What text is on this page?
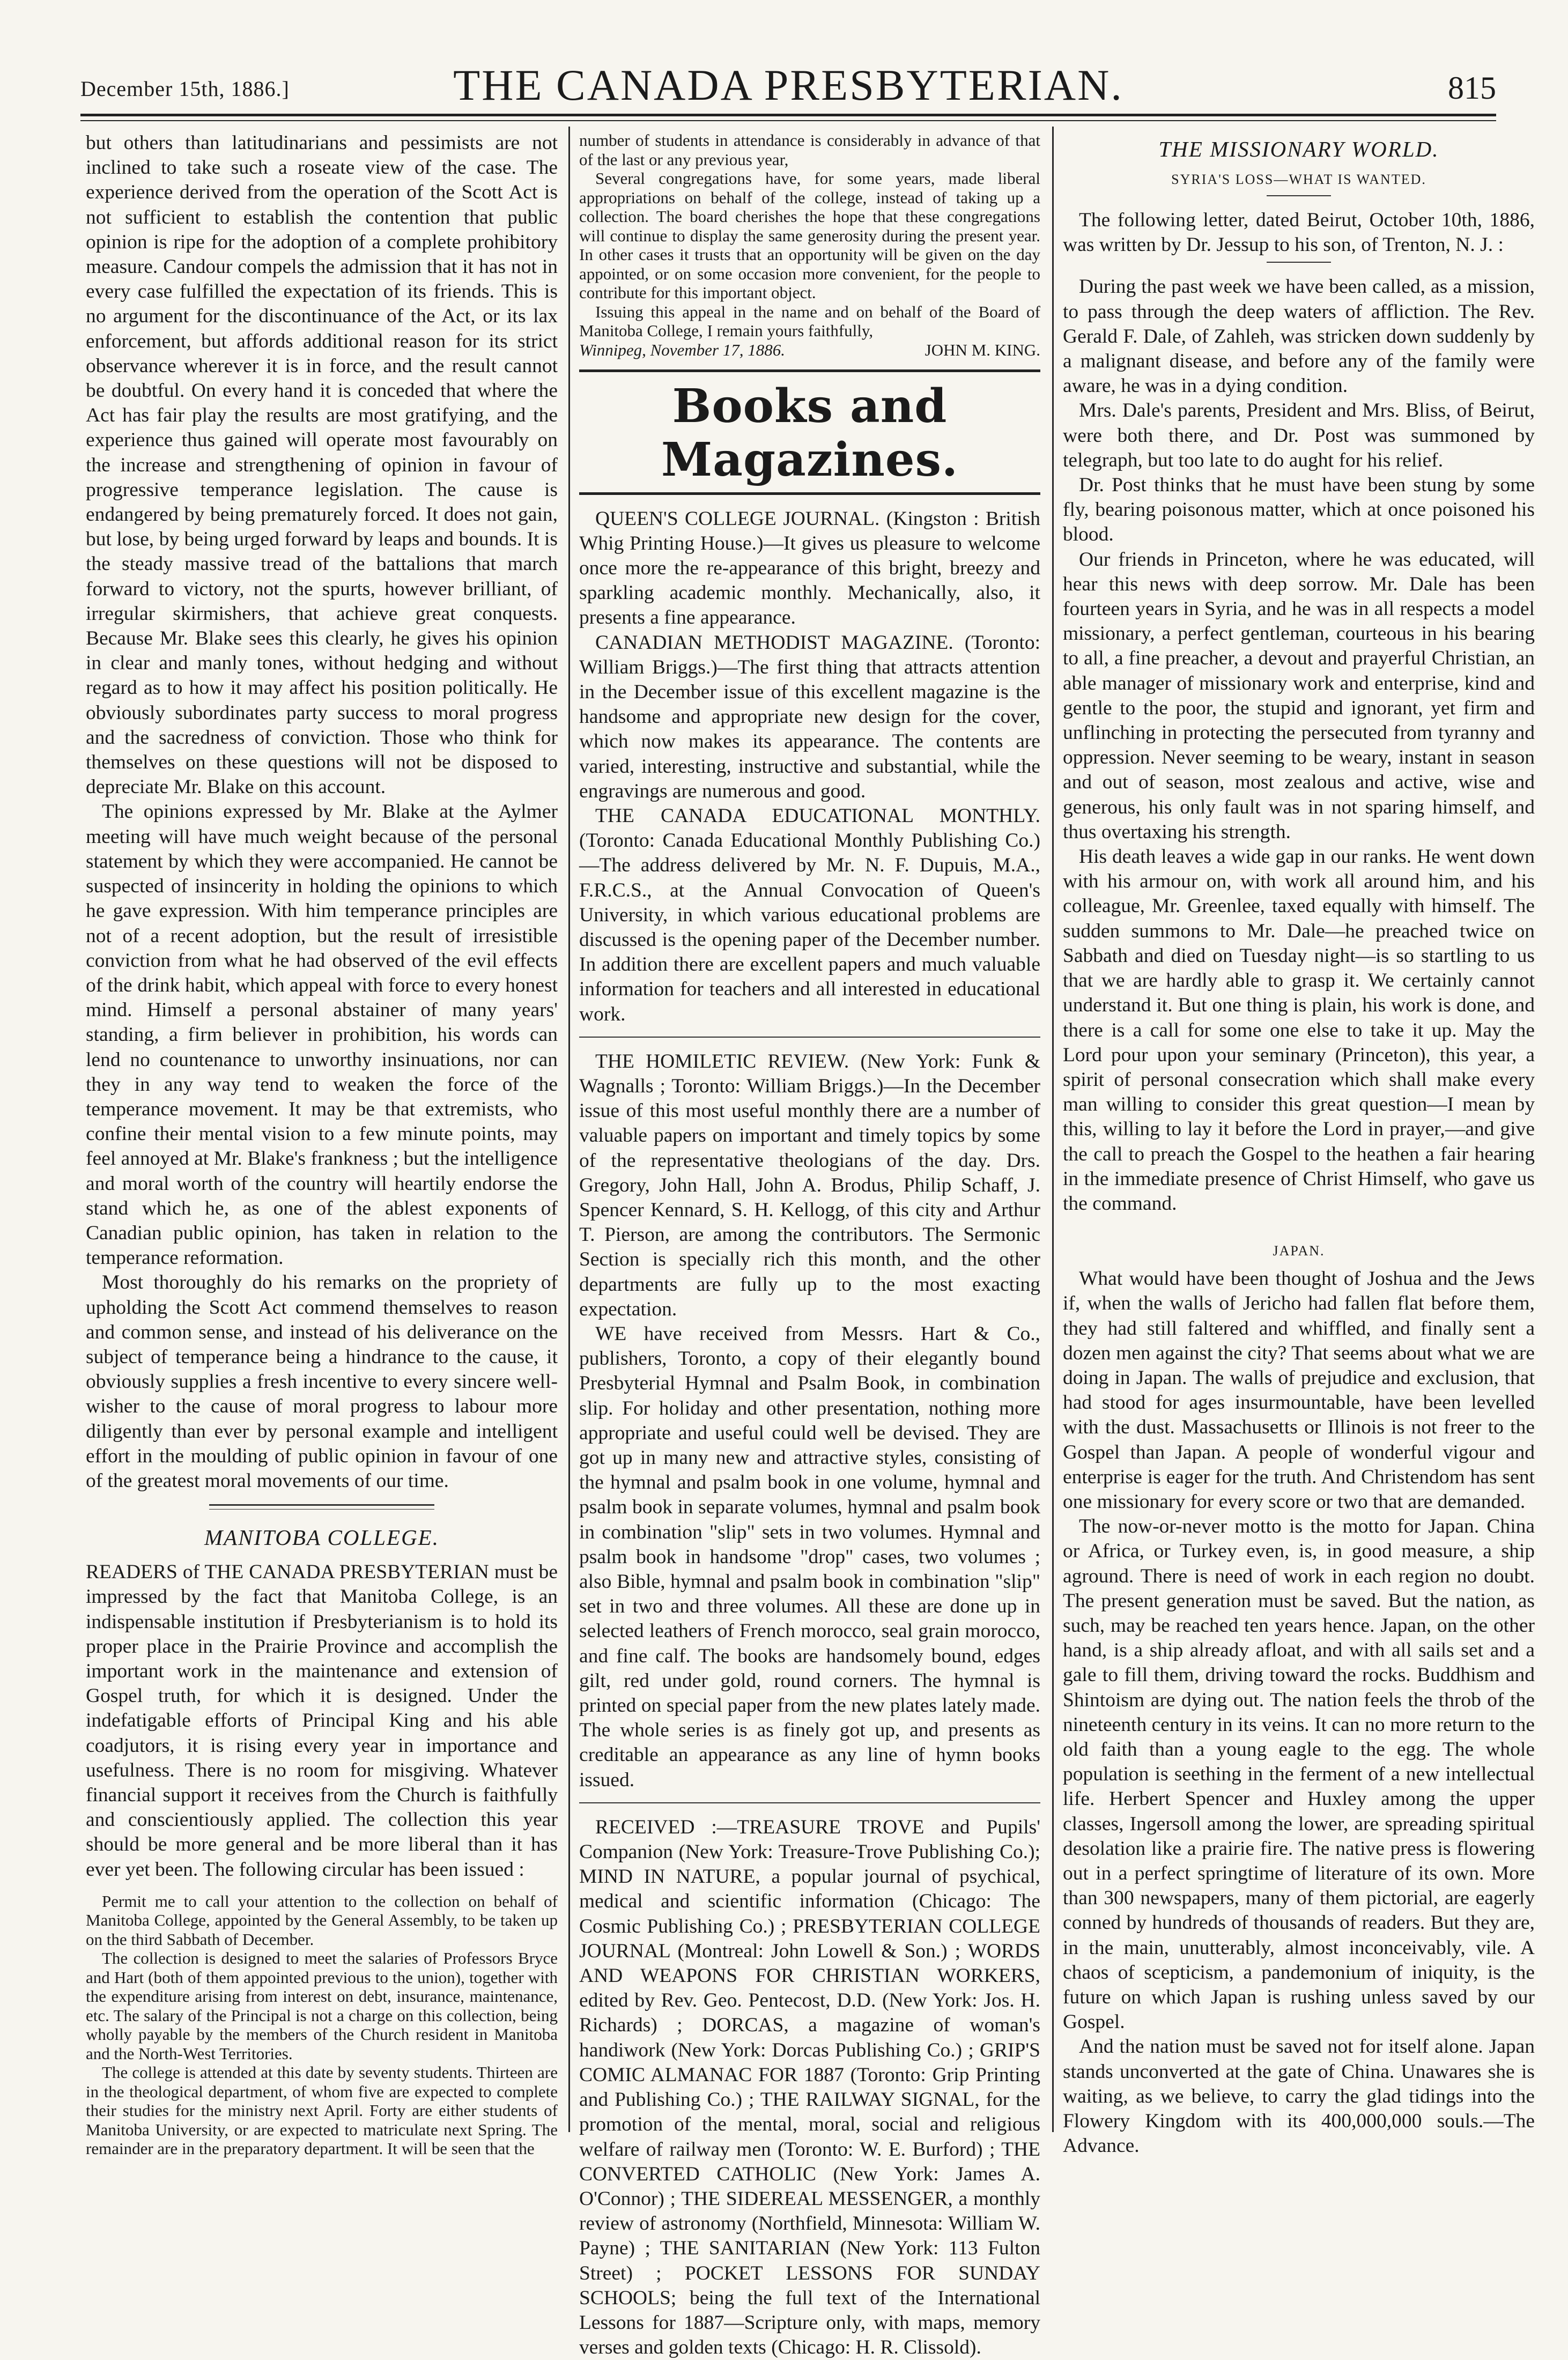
December 15th, 1886.]	THE CANADA PRESBYTERIAN.	815

but others than latitudinarians and pessimists are not inclined to take such a roseate view of the case. The experience derived from the operation of the Scott Act is not sufficient to establish the contention that public opinion is ripe for the adoption of a complete prohibitory measure. Candour compels the admission that it has not in every case fulfilled the expectation of its friends. This is no argument for the discontinuance of the Act, or its lax enforcement, but affords additional reason for its strict observance wherever it is in force, and the result cannot be doubtful. On every hand it is conceded that where the Act has fair play the results are most gratifying, and the experience thus gained will operate most favourably on the increase and strengthening of opinion in favour of progressive temperance legislation. The cause is endangered by being prematurely forced. It does not gain, but lose, by being urged forward by leaps and bounds. It is the steady massive tread of the battalions that march forward to victory, not the spurts, however brilliant, of irregular skirmishers, that achieve great conquests. Because Mr. Blake sees this clearly, he gives his opinion in clear and manly tones, without hedging and without regard as to how it may affect his position politically. He obviously subordinates party success to moral progress and the sacredness of conviction. Those who think for themselves on these questions will not be disposed to depreciate Mr. Blake on this account.

The opinions expressed by Mr. Blake at the Aylmer meeting will have much weight because of the personal statement by which they were accompanied. He cannot be suspected of insincerity in holding the opinions to which he gave expression. With him temperance principles are not of a recent adoption, but the result of irresistible conviction from what he had observed of the evil effects of the drink habit, which appeal with force to every honest mind. Himself a personal abstainer of many years' standing, a firm believer in prohibition, his words can lend no countenance to unworthy insinuations, nor can they in any way tend to weaken the force of the temperance movement. It may be that extremists, who confine their mental vision to a few minute points, may feel annoyed at Mr. Blake's frankness ; but the intelligence and moral worth of the country will heartily endorse the stand which he, as one of the ablest exponents of Canadian public opinion, has taken in relation to the temperance reformation.

Most thoroughly do his remarks on the propriety of upholding the Scott Act commend themselves to reason and common sense, and instead of his deliverance on the subject of temperance being a hindrance to the cause, it obviously supplies a fresh incentive to every sincere well-wisher to the cause of moral progress to labour more diligently than ever by personal example and intelligent effort in the moulding of public opinion in favour of one of the greatest moral movements of our time.

MANITOBA COLLEGE.

READERS of THE CANADA PRESBYTERIAN must be impressed by the fact that Manitoba College, is an indispensable institution if Presbyterianism is to hold its proper place in the Prairie Province and accomplish the important work in the maintenance and extension of Gospel truth, for which it is designed. Under the indefatigable efforts of Principal King and his able coadjutors, it is rising every year in importance and usefulness. There is no room for misgiving. Whatever financial support it receives from the Church is faithfully and conscientiously applied. The collection this year should be more general and be more liberal than it has ever yet been. The following circular has been issued :

Permit me to call your attention to the collection on behalf of Manitoba College, appointed by the General Assembly, to be taken up on the third Sabbath of December.

The collection is designed to meet the salaries of Professors Bryce and Hart (both of them appointed previous to the union), together with the expenditure arising from interest on debt, insurance, maintenance, etc. The salary of the Principal is not a charge on this collection, being wholly payable by the members of the Church resident in Manitoba and the North-West Territories.

The college is attended at this date by seventy students. Thirteen are in the theological department, of whom five are expected to complete their studies for the ministry next April. Forty are either students of Manitoba University, or are expected to matriculate next Spring. The remainder are in the preparatory department. It will be seen that the

number of students in attendance is considerably in advance of that of the last or any previous year,

Several congregations have, for some years, made liberal appropriations on behalf of the college, instead of taking up a collection. The board cherishes the hope that these congregations will continue to display the same generosity during the present year. In other cases it trusts that an opportunity will be given on the day appointed, or on some occasion more convenient, for the people to contribute for this important object.

Issuing this appeal in the name and on behalf of the Board of Manitoba College, I remain yours faithfully,

Winnipeg, November 17, 1886.	JOHN M. KING.
Books and Magazines.

QUEEN'S COLLEGE JOURNAL. (Kingston : British Whig Printing House.)—It gives us pleasure to welcome once more the re-appearance of this bright, breezy and sparkling academic monthly. Mechanically, also, it presents a fine appearance.

CANADIAN METHODIST MAGAZINE. (Toronto: William Briggs.)—The first thing that attracts attention in the December issue of this excellent magazine is the handsome and appropriate new design for the cover, which now makes its appearance. The contents are varied, interesting, instructive and substantial, while the engravings are numerous and good.

THE CANADA EDUCATIONAL MONTHLY. (Toronto: Canada Educational Monthly Publishing Co.)—The address delivered by Mr. N. F. Dupuis, M.A., F.R.C.S., at the Annual Convocation of Queen's University, in which various educational problems are discussed is the opening paper of the December number. In addition there are excellent papers and much valuable information for teachers and all interested in educational work.

THE HOMILETIC REVIEW. (New York: Funk & Wagnalls ; Toronto: William Briggs.)—In the December issue of this most useful monthly there are a number of valuable papers on important and timely topics by some of the representative theologians of the day. Drs. Gregory, John Hall, John A. Brodus, Philip Schaff, J. Spencer Kennard, S. H. Kellogg, of this city and Arthur T. Pierson, are among the contributors. The Sermonic Section is specially rich this month, and the other departments are fully up to the most exacting expectation.

WE have received from Messrs. Hart & Co., publishers, Toronto, a copy of their elegantly bound Presbyterial Hymnal and Psalm Book, in combination slip. For holiday and other presentation, nothing more appropriate and useful could well be devised. They are got up in many new and attractive styles, consisting of the hymnal and psalm book in one volume, hymnal and psalm book in separate volumes, hymnal and psalm book in combination "slip" sets in two volumes. Hymnal and psalm book in handsome "drop" cases, two volumes ; also Bible, hymnal and psalm book in combination "slip" set in two and three volumes. All these are done up in selected leathers of French morocco, seal grain morocco, and fine calf. The books are handsomely bound, edges gilt, red under gold, round corners. The hymnal is printed on special paper from the new plates lately made. The whole series is as finely got up, and presents as creditable an appearance as any line of hymn books issued.

RECEIVED :—TREASURE TROVE and Pupils' Companion (New York: Treasure-Trove Publishing Co.); MIND IN NATURE, a popular journal of psychical, medical and scientific information (Chicago: The Cosmic Publishing Co.) ; PRESBYTERIAN COLLEGE JOURNAL (Montreal: John Lowell & Son.) ; WORDS AND WEAPONS FOR CHRISTIAN WORKERS, edited by Rev. Geo. Pentecost, D.D. (New York: Jos. H. Richards) ; DORCAS, a magazine of woman's handiwork (New York: Dorcas Publishing Co.) ; GRIP'S COMIC ALMANAC FOR 1887 (Toronto: Grip Printing and Publishing Co.) ; THE RAILWAY SIGNAL, for the promotion of the mental, moral, social and religious welfare of railway men (Toronto: W. E. Burford) ; THE CONVERTED CATHOLIC (New York: James A. O'Connor) ; THE SIDEREAL MESSENGER, a monthly review of astronomy (Northfield, Minnesota: William W. Payne) ; THE SANITARIAN (New York: 113 Fulton Street) ; POCKET LESSONS FOR SUNDAY SCHOOLS; being the full text of the International Lessons for 1887—Scripture only, with maps, memory verses and golden texts (Chicago: H. R. Clissold).

THE MISSIONARY WORLD.
SYRIA'S LOSS—WHAT IS WANTED.

The following letter, dated Beirut, October 10th, 1886, was written by Dr. Jessup to his son, of Trenton, N. J. :

During the past week we have been called, as a mission, to pass through the deep waters of affliction. The Rev. Gerald F. Dale, of Zahleh, was stricken down suddenly by a malignant disease, and before any of the family were aware, he was in a dying condition.

Mrs. Dale's parents, President and Mrs. Bliss, of Beirut, were both there, and Dr. Post was summoned by telegraph, but too late to do aught for his relief.

Dr. Post thinks that he must have been stung by some fly, bearing poisonous matter, which at once poisoned his blood.

Our friends in Princeton, where he was educated, will hear this news with deep sorrow. Mr. Dale has been fourteen years in Syria, and he was in all respects a model missionary, a perfect gentleman, courteous in his bearing to all, a fine preacher, a devout and prayerful Christian, an able manager of missionary work and enterprise, kind and gentle to the poor, the stupid and ignorant, yet firm and unflinching in protecting the persecuted from tyranny and oppression. Never seeming to be weary, instant in season and out of season, most zealous and active, wise and generous, his only fault was in not sparing himself, and thus overtaxing his strength.

His death leaves a wide gap in our ranks. He went down with his armour on, with work all around him, and his colleague, Mr. Greenlee, taxed equally with himself. The sudden summons to Mr. Dale—he preached twice on Sabbath and died on Tuesday night—is so startling to us that we are hardly able to grasp it. We certainly cannot understand it. But one thing is plain, his work is done, and there is a call for some one else to take it up. May the Lord pour upon your seminary (Princeton), this year, a spirit of personal consecration which shall make every man willing to consider this great question—I mean by this, willing to lay it before the Lord in prayer,—and give the call to preach the Gospel to the heathen a fair hearing in the immediate presence of Christ Himself, who gave us the command.

JAPAN.

What would have been thought of Joshua and the Jews if, when the walls of Jericho had fallen flat before them, they had still faltered and whiffled, and finally sent a dozen men against the city? That seems about what we are doing in Japan. The walls of prejudice and exclusion, that had stood for ages insurmountable, have been levelled with the dust. Massachusetts or Illinois is not freer to the Gospel than Japan. A people of wonderful vigour and enterprise is eager for the truth. And Christendom has sent one missionary for every score or two that are demanded.

The now-or-never motto is the motto for Japan. China or Africa, or Turkey even, is, in good measure, a ship aground. There is need of work in each region no doubt. The present generation must be saved. But the nation, as such, may be reached ten years hence. Japan, on the other hand, is a ship already afloat, and with all sails set and a gale to fill them, driving toward the rocks. Buddhism and Shintoism are dying out. The nation feels the throb of the nineteenth century in its veins. It can no more return to the old faith than a young eagle to the egg. The whole population is seething in the ferment of a new intellectual life. Herbert Spencer and Huxley among the upper classes, Ingersoll among the lower, are spreading spiritual desolation like a prairie fire. The native press is flowering out in a perfect springtime of literature of its own. More than 300 newspapers, many of them pictorial, are eagerly conned by hundreds of thousands of readers. But they are, in the main, unutterably, almost inconceivably, vile. A chaos of scepticism, a pandemonium of iniquity, is the future on which Japan is rushing unless saved by our Gospel.

And the nation must be saved not for itself alone. Japan stands unconverted at the gate of China. Unawares she is waiting, as we believe, to carry the glad tidings into the Flowery Kingdom with its 400,000,000 souls.—The Advance.
